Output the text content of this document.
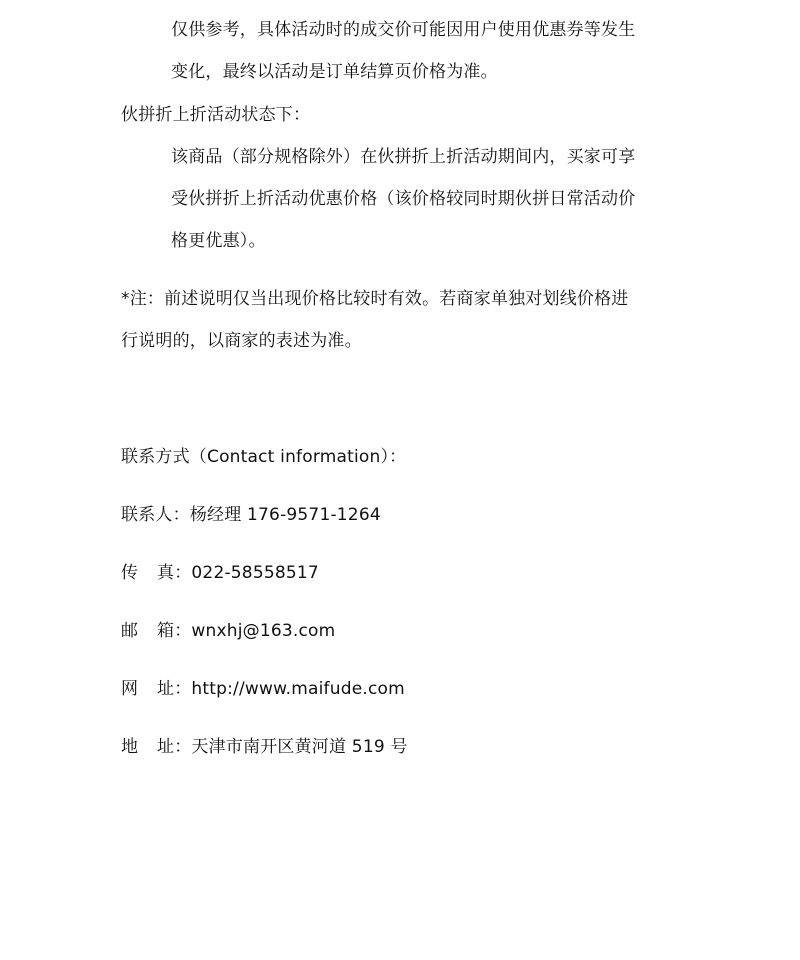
仅供参考，具体活动时的成交价可能因用户使用优惠券等发生
变化，最终以活动是订单结算页价格为准。
伙拼折上折活动状态下：
该商品（部分规格除外）在伙拼折上折活动期间内，买家可享
受伙拼折上折活动优惠价格（该价格较同时期伙拼日常活动价
格更优惠）。
*注：前述说明仅当出现价格比较时有效。若商家单独对划线价格进
行说明的，以商家的表述为准。
联系方式（Contact information）：
联系人：杨经理 176-9571-1264
传真：022-58558517
邮箱：wnxhj@163.com
网址：http://www.maifude.com
地址：天津市南开区黄河道 519 号
